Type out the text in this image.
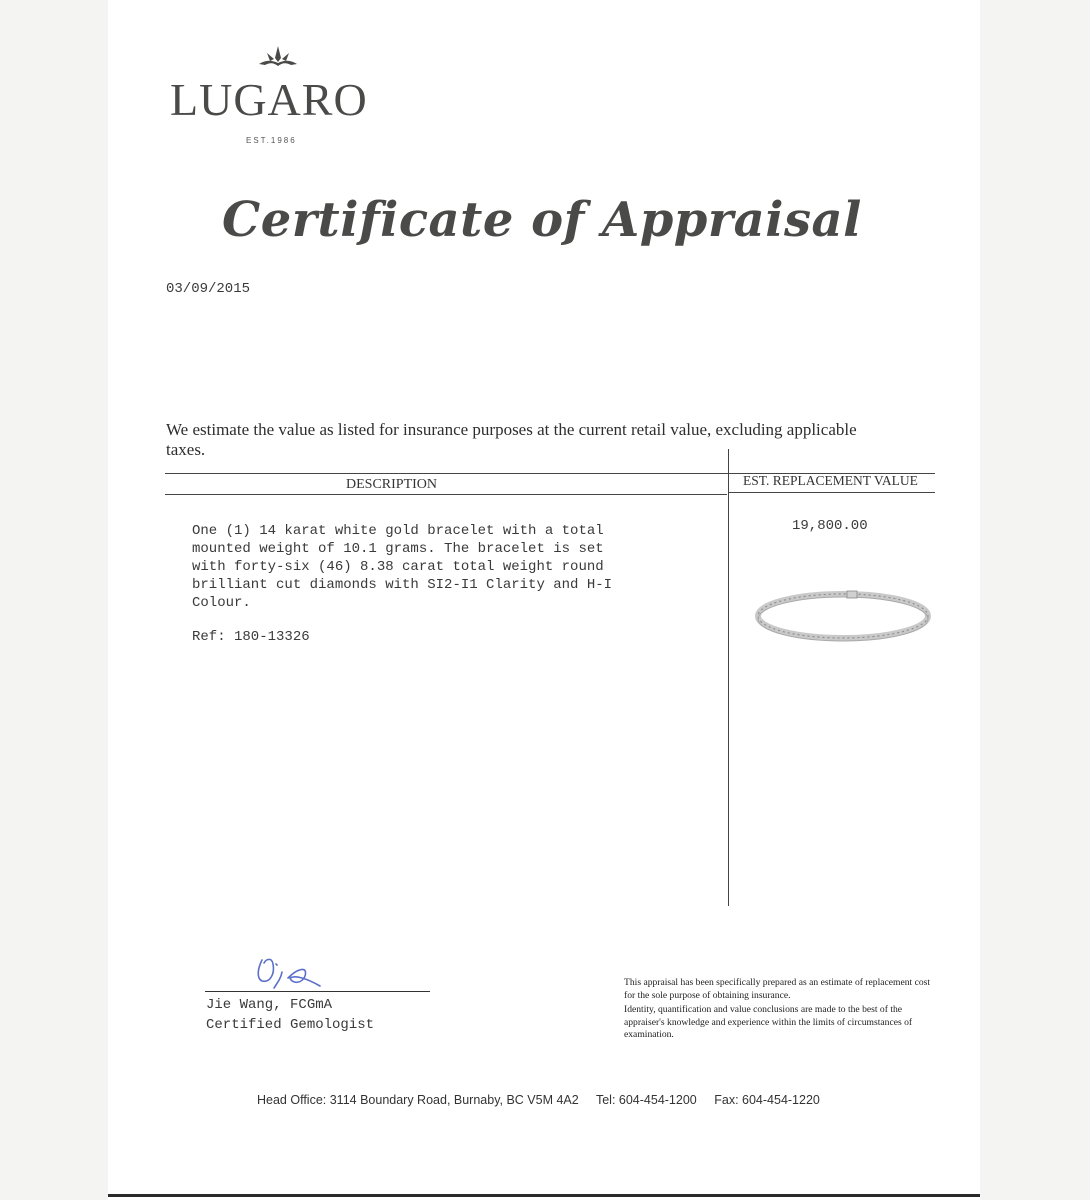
LUGARO
EST.1986
Certificate of Appraisal
03/09/2015
We estimate the value as listed for insurance purposes at the current retail value, excluding applicable taxes.
DESCRIPTION	EST. REPLACEMENT VALUE
One (1) 14 karat white gold bracelet with a total
mounted weight of 10.1 grams. The bracelet is set
with forty-six (46) 8.38 carat total weight round
brilliant cut diamonds with SI2-I1 Clarity and H-I
Colour.
Ref: 180-13326
19,800.00
Jie Wang, FCGmA
Certified Gemologist

This appraisal has been specifically prepared as an estimate of replacement cost for the sole purpose of obtaining insurance.

Identity, quantification and value conclusions are made to the best of the appraiser's knowledge and experience within the limits of circumstances of examination.

Head Office: 3114 Boundary Road, Burnaby, BC V5M 4A2 Tel: 604-454-1200 Fax: 604-454-1220
